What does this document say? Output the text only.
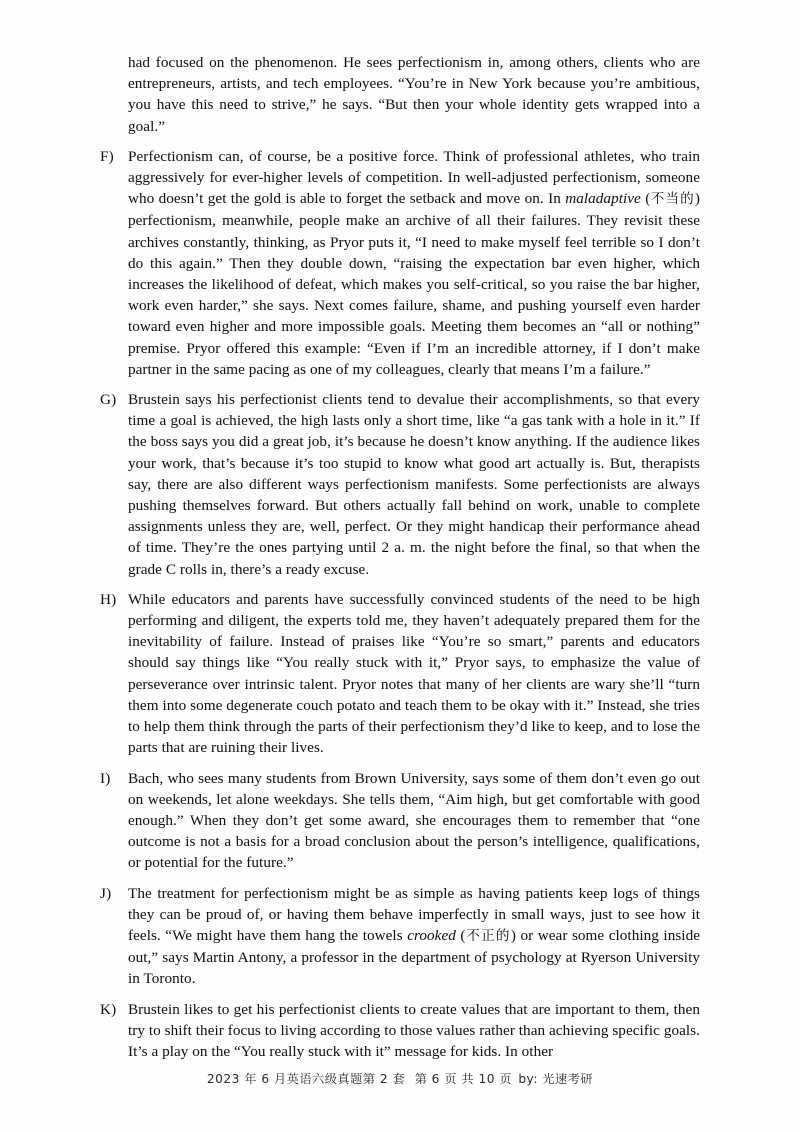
had focused on the phenomenon. He sees perfectionism in, among others, clients who are entrepreneurs, artists, and tech employees. “You’re in New York because you’re ambitious, you have this need to strive,” he says. “But then your whole identity gets wrapped into a goal.”
F) Perfectionism can, of course, be a positive force. Think of professional athletes, who train aggressively for ever-higher levels of competition. In well-adjusted perfectionism, someone who doesn’t get the gold is able to forget the setback and move on. In maladaptive (不当的) perfectionism, meanwhile, people make an archive of all their failures. They revisit these archives constantly, thinking, as Pryor puts it, “I need to make myself feel terrible so I don’t do this again.” Then they double down, “raising the expectation bar even higher, which increases the likelihood of defeat, which makes you self-critical, so you raise the bar higher, work even harder,” she says. Next comes failure, shame, and pushing yourself even harder toward even higher and more impossible goals. Meeting them becomes an “all or nothing” premise. Pryor offered this example: “Even if I’m an incredible attorney, if I don’t make partner in the same pacing as one of my colleagues, clearly that means I’m a failure.”
G) Brustein says his perfectionist clients tend to devalue their accomplishments, so that every time a goal is achieved, the high lasts only a short time, like “a gas tank with a hole in it.” If the boss says you did a great job, it’s because he doesn’t know anything. If the audience likes your work, that’s because it’s too stupid to know what good art actually is. But, therapists say, there are also different ways perfectionism manifests. Some perfectionists are always pushing themselves forward. But others actually fall behind on work, unable to complete assignments unless they are, well, perfect. Or they might handicap their performance ahead of time. They’re the ones partying until 2 a. m. the night before the final, so that when the grade C rolls in, there’s a ready excuse.
H) While educators and parents have successfully convinced students of the need to be high performing and diligent, the experts told me, they haven’t adequately prepared them for the inevitability of failure. Instead of praises like “You’re so smart,” parents and educators should say things like “You really stuck with it,” Pryor says, to emphasize the value of perseverance over intrinsic talent. Pryor notes that many of her clients are wary she’ll “turn them into some degenerate couch potato and teach them to be okay with it.” Instead, she tries to help them think through the parts of their perfectionism they’d like to keep, and to lose the parts that are ruining their lives.
I)	Bach, who sees many students from Brown University, says some of them don’t even go out on weekends, let alone weekdays. She tells them, “Aim high, but get comfortable with good enough.” When they don’t get some award, she encourages them to remember that “one outcome is not a basis for a broad conclusion about the person’s intelligence, qualifications, or potential for the future.”
J)	The treatment for perfectionism might be as simple as having patients keep logs of things they can be proud of, or having them behave imperfectly in small ways, just to see how it feels. “We might have them hang the towels crooked (不正的) or wear some clothing inside out,” says Martin Antony, a professor in the department of psychology at Ryerson University in Toronto.
K) Brustein likes to get his perfectionist clients to create values that are important to them, then try to shift their focus to living according to those values rather than achieving specific goals. It’s a play on the “You really stuck with it” message for kids. In other
2023 年 6 月英语六级真题第 2 套 第 6 页 共 10 页 by: 光速考研
